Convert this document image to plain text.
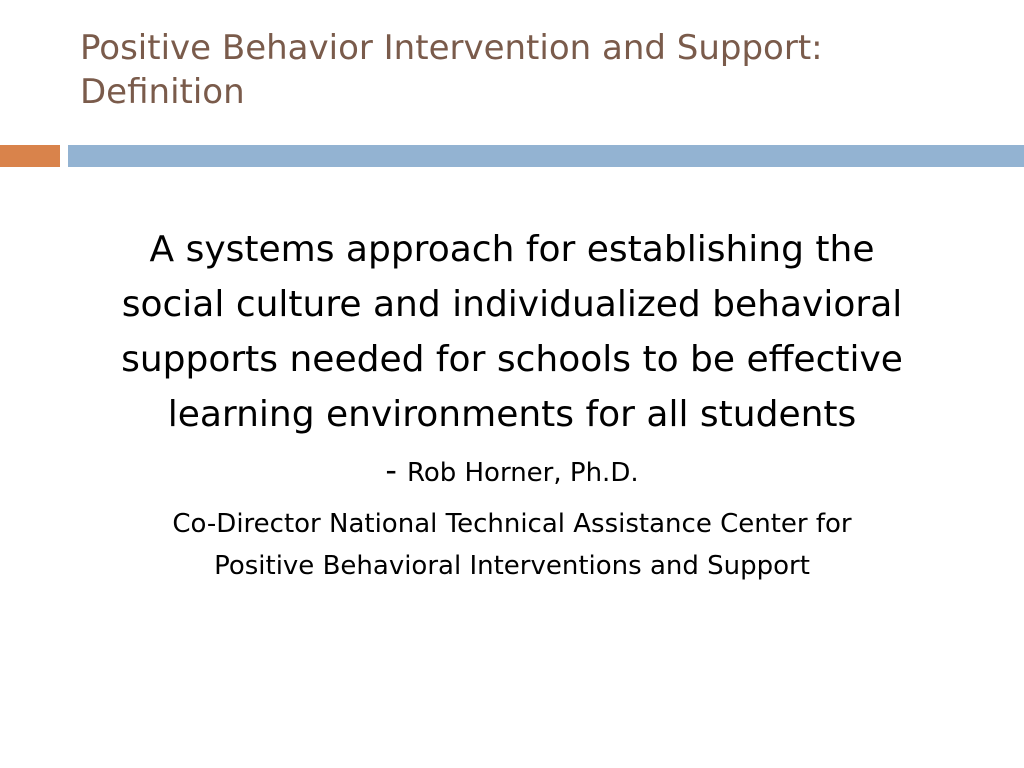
Positive Behavior Intervention and Support:
Definition

A systems approach for establishing the
social culture and individualized behavioral
supports needed for schools to be effective
learning environments for all students

- Rob Horner, Ph.D.
Co-Director National Technical Assistance Center for
Positive Behavioral Interventions and Support
